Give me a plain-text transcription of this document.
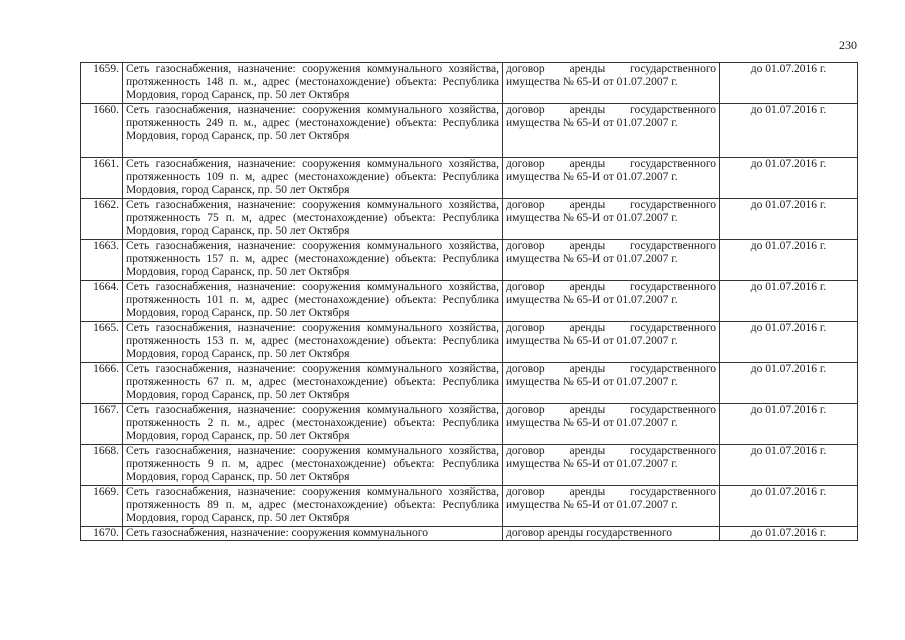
230
1659.	Сеть газоснабжения, назначение: сооружения коммунального хозяйства, протяженность 148 п. м., адрес (местонахождение) объекта: Республика Мордовия, город Саранск, пр. 50 лет Октября	договор аренды государственного имущества № 65-И от 01.07.2007 г.	до 01.07.2016 г.
1660.	Сеть газоснабжения, назначение: сооружения коммунального хозяйства, протяженность 249 п. м., адрес (местонахождение) объекта: Республика Мордовия, город Саранск, пр. 50 лет Октября	договор аренды государственного имущества № 65-И от 01.07.2007 г.	до 01.07.2016 г.
1661.	Сеть газоснабжения, назначение: сооружения коммунального хозяйства, протяженность 109 п. м, адрес (местонахождение) объекта: Республика Мордовия, город Саранск, пр. 50 лет Октября	договор аренды государственного имущества № 65-И от 01.07.2007 г.	до 01.07.2016 г.
1662.	Сеть газоснабжения, назначение: сооружения коммунального хозяйства, протяженность 75 п. м, адрес (местонахождение) объекта: Республика Мордовия, город Саранск, пр. 50 лет Октября	договор аренды государственного имущества № 65-И от 01.07.2007 г.	до 01.07.2016 г.
1663.	Сеть газоснабжения, назначение: сооружения коммунального хозяйства, протяженность 157 п. м, адрес (местонахождение) объекта: Республика Мордовия, город Саранск, пр. 50 лет Октября	договор аренды государственного имущества № 65-И от 01.07.2007 г.	до 01.07.2016 г.
1664.	Сеть газоснабжения, назначение: сооружения коммунального хозяйства, протяженность 101 п. м, адрес (местонахождение) объекта: Республика Мордовия, город Саранск, пр. 50 лет Октября	договор аренды государственного имущества № 65-И от 01.07.2007 г.	до 01.07.2016 г.
1665.	Сеть газоснабжения, назначение: сооружения коммунального хозяйства, протяженность 153 п. м, адрес (местонахождение) объекта: Республика Мордовия, город Саранск, пр. 50 лет Октября	договор аренды государственного имущества № 65-И от 01.07.2007 г.	до 01.07.2016 г.
1666.	Сеть газоснабжения, назначение: сооружения коммунального хозяйства, протяженность 67 п. м, адрес (местонахождение) объекта: Республика Мордовия, город Саранск, пр. 50 лет Октября	договор аренды государственного имущества № 65-И от 01.07.2007 г.	до 01.07.2016 г.
1667.	Сеть газоснабжения, назначение: сооружения коммунального хозяйства, протяженность 2 п. м., адрес (местонахождение) объекта: Республика Мордовия, город Саранск, пр. 50 лет Октября	договор аренды государственного имущества № 65-И от 01.07.2007 г.	до 01.07.2016 г.
1668.	Сеть газоснабжения, назначение: сооружения коммунального хозяйства, протяженность 9 п. м, адрес (местонахождение) объекта: Республика Мордовия, город Саранск, пр. 50 лет Октября	договор аренды государственного имущества № 65-И от 01.07.2007 г.	до 01.07.2016 г.
1669.	Сеть газоснабжения, назначение: сооружения коммунального хозяйства, протяженность 89 п. м, адрес (местонахождение) объекта: Республика Мордовия, город Саранск, пр. 50 лет Октября	договор аренды государственного имущества № 65-И от 01.07.2007 г.	до 01.07.2016 г.
1670.	Сеть газоснабжения, назначение: сооружения коммунального	договор аренды государственного	до 01.07.2016 г.
